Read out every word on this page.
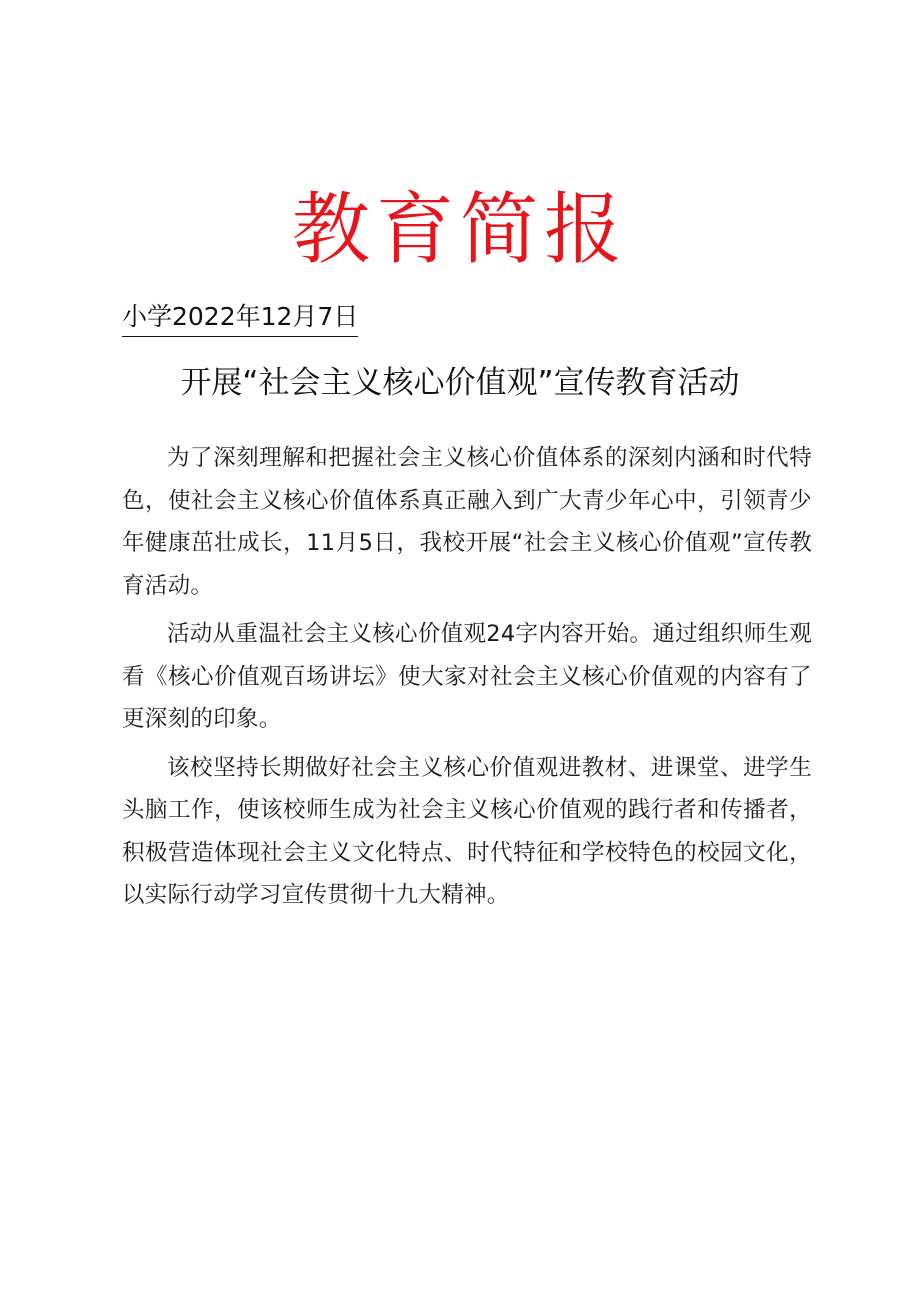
教育简报
小学2022年12月7日
开展“社会主义核心价值观”宣传教育活动

为了深刻理解和把握社会主义核心价值体系的深刻内涵和时代特色，使社会主义核心价值体系真正融入到广大青少年心中，引领青少年健康茁壮成长，11月5日，我校开展“社会主义核心价值观”宣传教育活动。

活动从重温社会主义核心价值观24字内容开始。通过组织师生观看《核心价值观百场讲坛》使大家对社会主义核心价值观的内容有了更深刻的印象。

该校坚持长期做好社会主义核心价值观进教材、进课堂、进学生头脑工作，使该校师生成为社会主义核心价值观的践行者和传播者，积极营造体现社会主义文化特点、时代特征和学校特色的校园文化，以实际行动学习宣传贯彻十九大精神。
